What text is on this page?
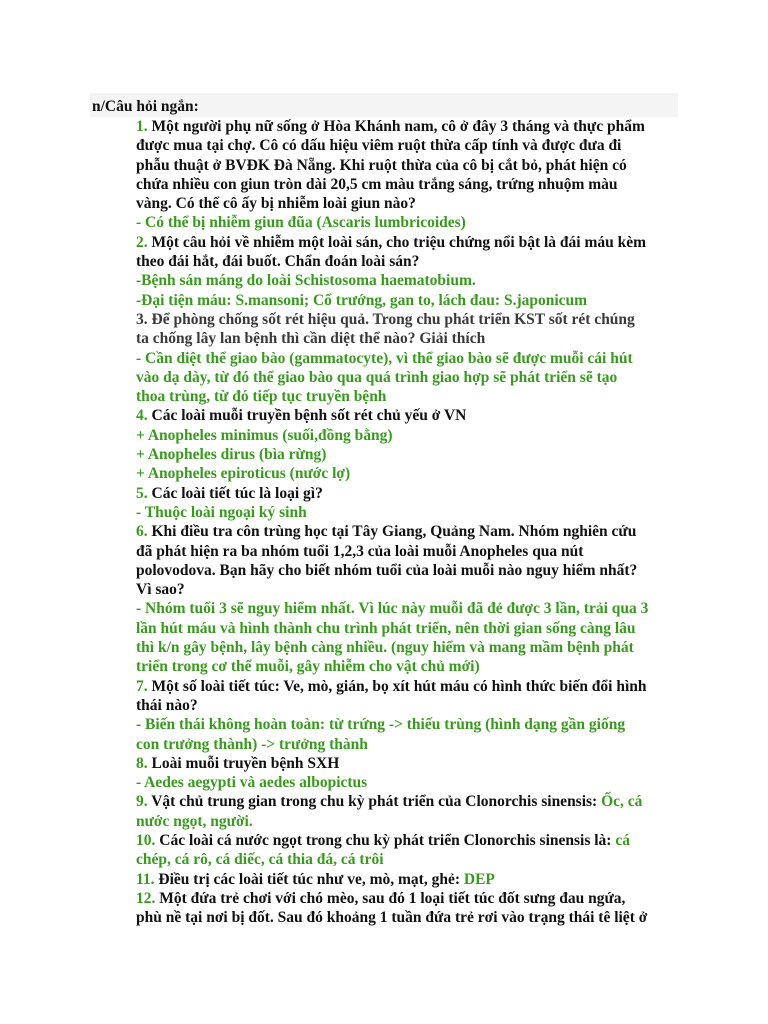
n/Câu hỏi ngắn:
1. Một người phụ nữ sống ở Hòa Khánh nam, cô ở đây 3 tháng và thực phẩm
được mua tại chợ. Cô có dấu hiệu viêm ruột thừa cấp tính và được đưa đi
phẫu thuật ở BVĐK Đà Nẵng. Khi ruột thừa của cô bị cắt bỏ, phát hiện có
chứa nhiều con giun tròn dài 20,5 cm màu trắng sáng, trứng nhuộm màu
vàng. Có thể cô ấy bị nhiễm loài giun nào?
- Có thể bị nhiễm giun đũa (Ascaris lumbricoides)
2. Một câu hỏi về nhiễm một loài sán, cho triệu chứng nổi bật là đái máu kèm
theo đái hắt, đái buốt. Chẩn đoán loài sán?
-Bệnh sán máng do loài Schistosoma haematobium.
-Đại tiện máu: S.mansoni; Cổ trướng, gan to, lách đau: S.japonicum
3. Để phòng chống sốt rét hiệu quả. Trong chu phát triển KST sốt rét chúng
ta chống lây lan bệnh thì cần diệt thể nào? Giải thích
- Cần diệt thể giao bào (gammatocyte), vì thể giao bào sẽ được muỗi cái hút
vào dạ dày, từ đó thể giao bào qua quá trình giao hợp sẽ phát triển sẽ tạo
thoa trùng, từ đó tiếp tục truyền bệnh
4. Các loài muỗi truyền bệnh sốt rét chủ yếu ở VN
+ Anopheles minimus (suối,đồng bằng)
+ Anopheles dirus (bìa rừng)
+ Anopheles epiroticus (nước lợ)
5. Các loài tiết túc là loại gì?
- Thuộc loài ngoại ký sinh
6. Khi điều tra côn trùng học tại Tây Giang, Quảng Nam. Nhóm nghiên cứu
đã phát hiện ra ba nhóm tuổi 1,2,3 của loài muỗi Anopheles qua nút
polovodova. Bạn hãy cho biết nhóm tuổi của loài muỗi nào nguy hiểm nhất?
Vì sao?
- Nhóm tuổi 3 sẽ nguy hiểm nhất. Vì lúc này muỗi đã đẻ được 3 lần, trải qua 3
lần hút máu và hình thành chu trình phát triển, nên thời gian sống càng lâu
thì k/n gây bệnh, lây bệnh càng nhiều. (nguy hiểm và mang mầm bệnh phát
triển trong cơ thể muỗi, gây nhiễm cho vật chủ mới)
7. Một số loài tiết túc: Ve, mò, gián, bọ xít hút máu có hình thức biến đổi hình
thái nào?
- Biến thái không hoàn toàn: từ trứng -> thiếu trùng (hình dạng gần giống
con trưởng thành) -> trưởng thành
8. Loài muỗi truyền bệnh SXH
- Aedes aegypti và aedes albopictus
9. Vật chủ trung gian trong chu kỳ phát triển của Clonorchis sinensis: Ốc, cá
nước ngọt, người.
10. Các loài cá nước ngọt trong chu kỳ phát triển Clonorchis sinensis là: cá
chép, cá rô, cá diếc, cá thia đá, cá trôi
11. Điều trị các loài tiết túc như ve, mò, mạt, ghẻ: DEP
12. Một đứa trẻ chơi với chó mèo, sau đó 1 loại tiết túc đốt sưng đau ngứa,
phù nề tại nơi bị đốt. Sau đó khoảng 1 tuần đứa trẻ rơi vào trạng thái tê liệt ở
